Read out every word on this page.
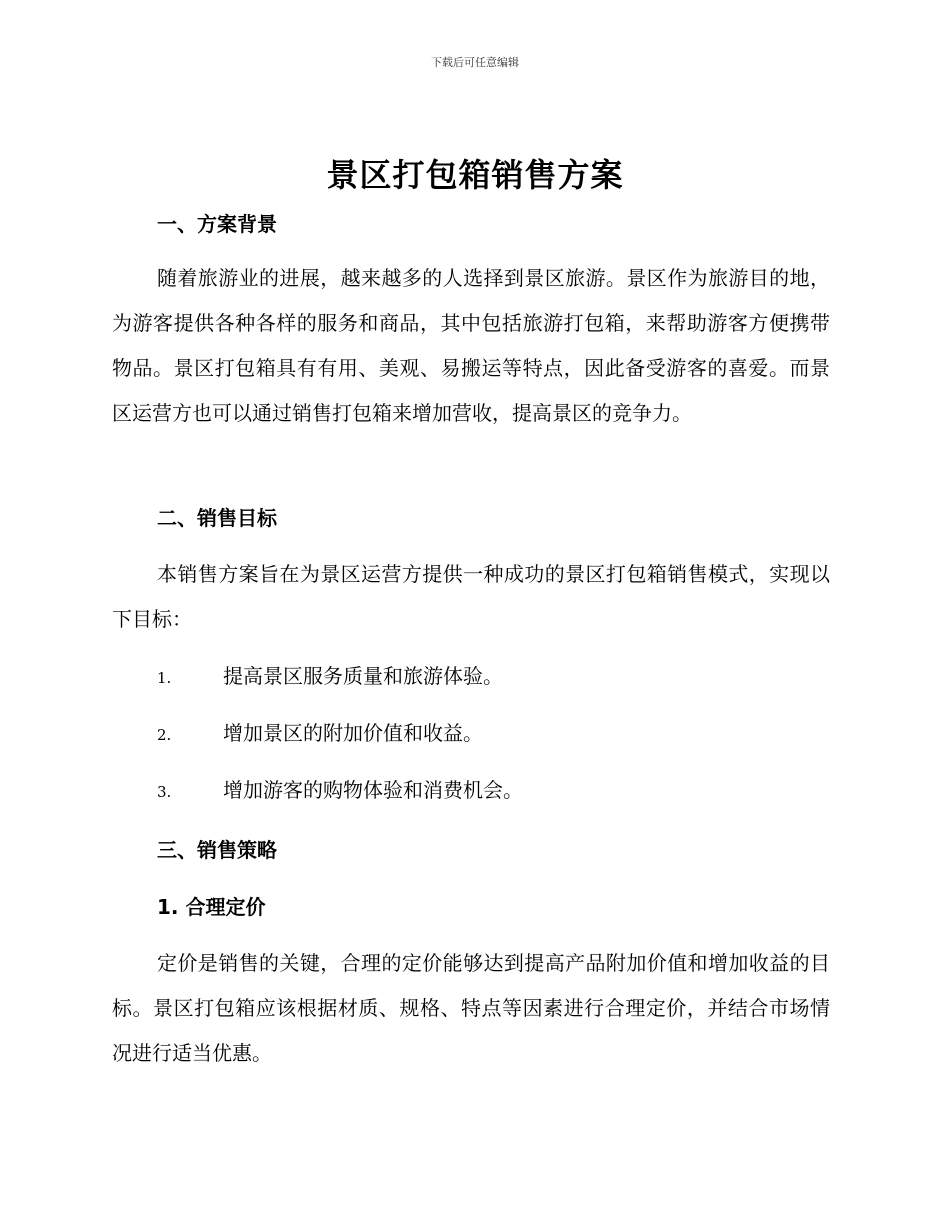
下载后可任意编辑
景区打包箱销售方案
一、方案背景
随着旅游业的进展，越来越多的人选择到景区旅游。景区作为旅游目的地，为游客提供各种各样的服务和商品，其中包括旅游打包箱，来帮助游客方便携带物品。景区打包箱具有有用、美观、易搬运等特点，因此备受游客的喜爱。而景区运营方也可以通过销售打包箱来增加营收，提高景区的竞争力。
二、销售目标
本销售方案旨在为景区运营方提供一种成功的景区打包箱销售模式，实现以下目标：
1.	提高景区服务质量和旅游体验。
2.	增加景区的附加价值和收益。
3.	增加游客的购物体验和消费机会。
三、销售策略
1. 合理定价
定价是销售的关键，合理的定价能够达到提高产品附加价值和增加收益的目标。景区打包箱应该根据材质、规格、特点等因素进行合理定价，并结合市场情况进行适当优惠。
